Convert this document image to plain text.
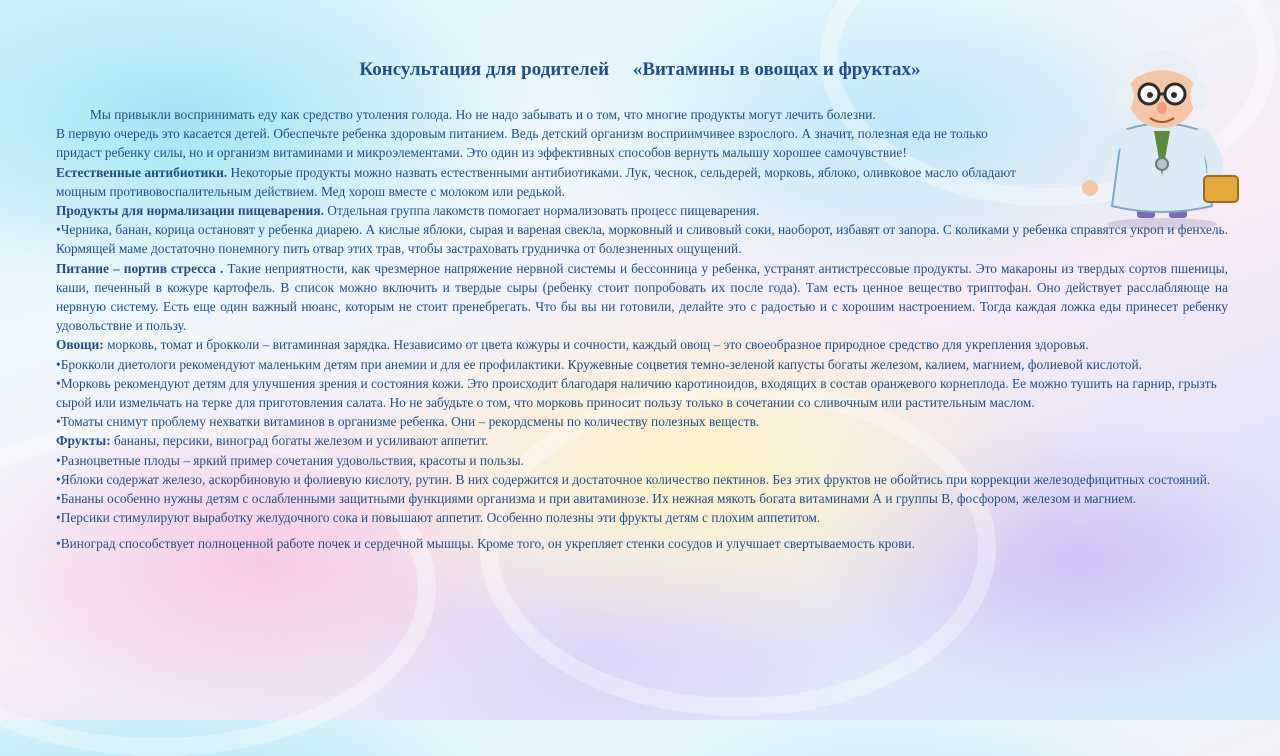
Консультация для родителей     «Витамины в овощах и фруктах»

Мы привыкли воспринимать еду как средство утоления голода. Но не надо забывать и о том, что многие продукты могут лечить болезни.

В первую очередь это касается детей. Обеспечьте ребенка здоровым питанием. Ведь детский организм восприимчивее взрослого. А значит, полезная еда не только придаст ребенку силы, но и организм витаминами и микроэлементами. Это один из эффективных способов вернуть малышу хорошее самочувствие!

Естественные антибиотики. Некоторые продукты можно назвать естественными антибиотиками. Лук, чеснок, сельдерей, морковь, яблоко, оливковое масло обладают мощным противовоспалительным действием. Мед хорош вместе с молоком или редькой.

Продукты для нормализации пищеварения. Отдельная группа лакомств помогает нормализовать процесс пищеварения.

•Черника, банан, корица остановят у ребенка диарею. А кислые яблоки, сырая и вареная свекла, морковный и сливовый соки, наоборот, избавят от запора. С коликами у ребенка справятся укроп и фенхель. Кормящей маме достаточно понемногу пить отвар этих трав, чтобы застраховать грудничка от болезненных ощущений.

Питание – портив стресса . Такие неприятности, как чрезмерное напряжение нервной системы и бессонница у ребенка, устранят антистрессовые продукты. Это макароны из твердых сортов пшеницы, каши, печенный в кожуре картофель. В список можно включить и твердые сыры (ребенку стоит попробовать их после года). Там есть ценное вещество триптофан. Оно действует расслабляюще на нервную систему. Есть еще один важный нюанс, которым не стоит пренебрегать. Что бы вы ни готовили, делайте это с радостью и с хорошим настроением. Тогда каждая ложка еды принесет ребенку удовольствие и пользу.

Овощи: морковь, томат и брокколи – витаминная зарядка. Независимо от цвета кожуры и сочности, каждый овощ – это своеобразное природное средство для укрепления здоровья.

•Брокколи диетологи рекомендуют маленьким детям при анемии и для ее профилактики. Кружевные соцветия темно-зеленой капусты богаты железом, калием, магнием, фолиевой кислотой.

•Морковь рекомендуют детям для улучшения зрения и состояния кожи. Это происходит благодаря наличию каротиноидов, входящих в состав оранжевого корнеплода. Ее можно тушить на гарнир, грызть сырой или измельчать на терке для приготовления салата. Но не забудьте о том, что морковь приносит пользу только в сочетании со сливочным или растительным маслом.

•Томаты снимут проблему нехватки витаминов в организме ребенка. Они – рекордсмены по количеству полезных веществ.

Фрукты: бананы, персики, виноград богаты железом и усиливают аппетит.

•Разноцветные плоды – яркий пример сочетания удовольствия, красоты и пользы.

•Яблоки содержат железо, аскорбиновую и фолиевую кислоту, рутин. В них содержится и достаточное количество пектинов. Без этих фруктов не обойтись при коррекции железодефицитных состояний.

•Бананы особенно нужны детям с ослабленными защитными функциями организма и при авитаминозе. Их нежная мякоть богата витаминами А и группы В, фосфором, железом и магнием.

•Персики стимулируют выработку желудочного сока и повышают аппетит. Особенно полезны эти фрукты детям с плохим аппетитом.

•Виноград способствует полноценной работе почек и сердечной мышцы. Кроме того, он укрепляет стенки сосудов и улучшает свертываемость крови.
